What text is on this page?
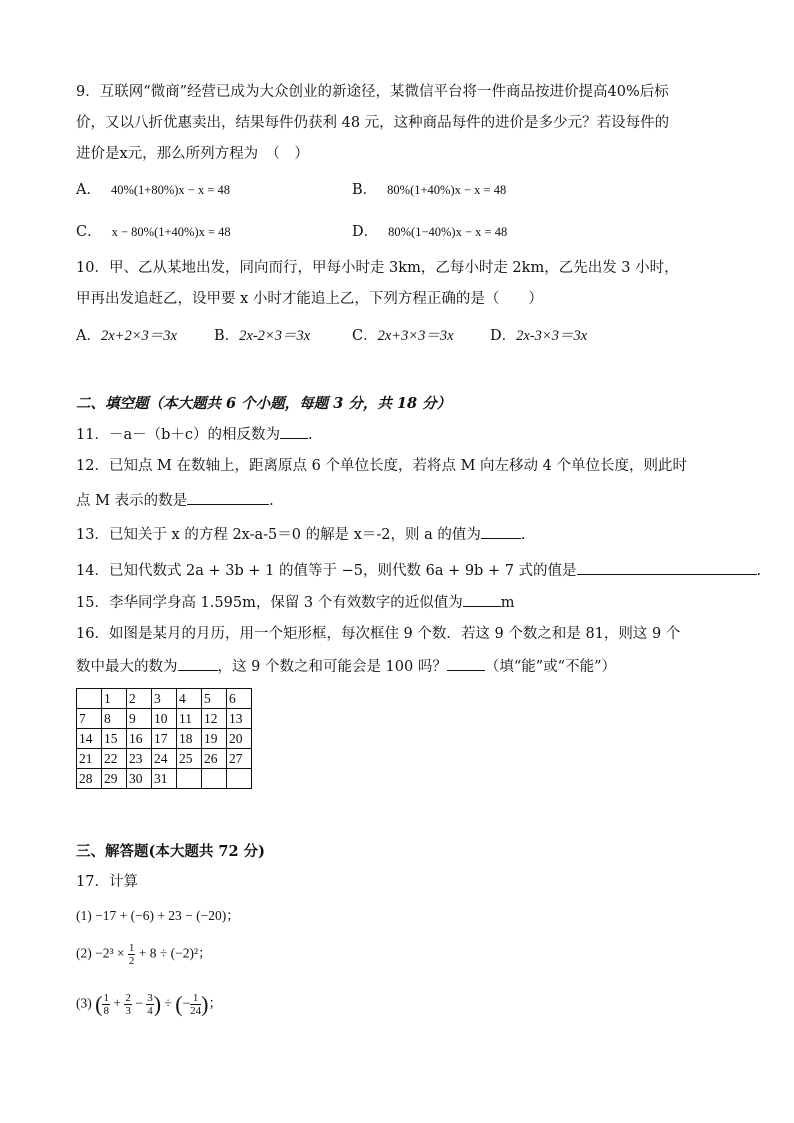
9．互联网“微商”经营已成为大众创业的新途径，某微信平台将一件商品按进价提高40%后标
价，又以八折优惠卖出，结果每件仍获利 48 元，这种商品每件的进价是多少元？若设每件的
进价是x元，那么所列方程为　（　）
A． 40%(1+80%)x − x = 48	B． 80%(1+40%)x − x = 48
C． x − 80%(1+40%)x = 48	D． 80%(1−40%)x − x = 48
10．甲、乙从某地出发，同向而行，甲每小时走 3km，乙每小时走 2km，乙先出发 3 小时，
甲再出发追赶乙，设甲要 x 小时才能追上乙，下列方程正确的是（　　）
A．2x+2×3＝3x	B．2x-2×3＝3x	C．2x+3×3＝3x	D．2x-3×3＝3x
二、填空题（本大题共 6 个小题，每题 3 分，共 18 分）
11．－a－（b＋c）的相反数为 .
12．已知点 M 在数轴上，距离原点 6 个单位长度，若将点 M 向左移动 4 个单位长度，则此时
点 M 表示的数是	.
13．已知关于 x 的方程 2x-a-5＝0 的解是 x＝-2，则 a 的值为	.
14．已知代数式 2a + 3b + 1 的值等于 −5，则代数 6a + 9b + 7 式的值是	.
15．李华同学身高 1.595m，保留 3 个有效数字的近似值为	m
16．如图是某月的月历，用一个矩形框，每次框住 9 个数．若这 9 个数之和是 81，则这 9 个
数中最大的数为	，这 9 个数之和可能会是 100 吗？	（填“能”或“不能”）
	1	2	3	4	5	6
7	8	9	10	11	12	13
14	15	16	17	18	19	20
21	22	23	24	25	26	27
28	29	30	31			
三、解答题(本大题共 72 分)
17．计算
(1) −17 + (−6) + 23 − (−20)；
$(2) -2^3 \times \frac{1}{2} + 8 \div (-2)^2$；
(3) ( $\frac{1}{8} + \frac{2}{3} - \frac{3}{4}$ ) ÷ (− $\frac{1}{24}$ )；
